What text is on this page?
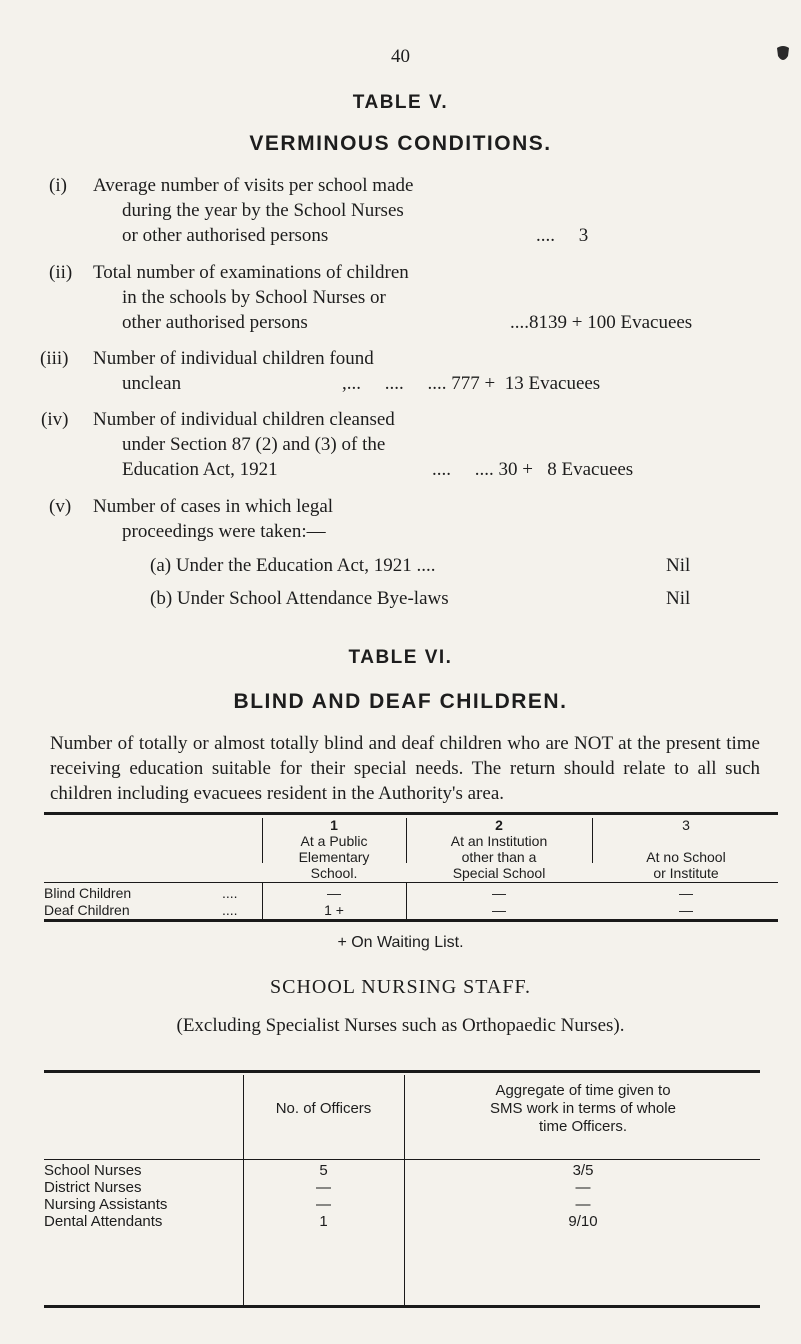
40
TABLE V.
VERMINOUS CONDITIONS.
(i) Average number of visits per school made
during the year by the School Nurses
or other authorised persons	....     3
(ii) Total number of examinations of children
in the schools by School Nurses or
other authorised persons	....8139 + 100 Evacuees
(iii) Number of individual children found
unclean	,...     ....     .... 777 +  13 Evacuees
(iv) Number of individual children cleansed
under Section 87 (2) and (3) of the
Education Act, 1921	....     .... 30 +   8 Evacuees
(v) Number of cases in which legal
proceedings were taken:—
(a) Under the Education Act, 1921 ....	Nil
(b) Under School Attendance Bye-laws	Nil
TABLE VI.
BLIND AND DEAF CHILDREN.
Number of totally or almost totally blind and deaf children who are NOT at the present time receiving education suitable for their special needs. The return should relate to all such children including evacuees resident in the Authority's area.
1
At a Public
Elementary
School.
2
At an Institution
other than a
Special School
3
At no School
or Institute
Blind Children	....	—	—	—
Deaf Children	....	1 +	—	—
+ On Waiting List.
SCHOOL NURSING STAFF.
(Excluding Specialist Nurses such as Orthopaedic Nurses).
No. of Officers
Aggregate of time given to
SMS work in terms of whole
time Officers.
School Nurses	5	3/5
District Nurses	—	—
Nursing Assistants	—	—
Dental Attendants	1	9/10
